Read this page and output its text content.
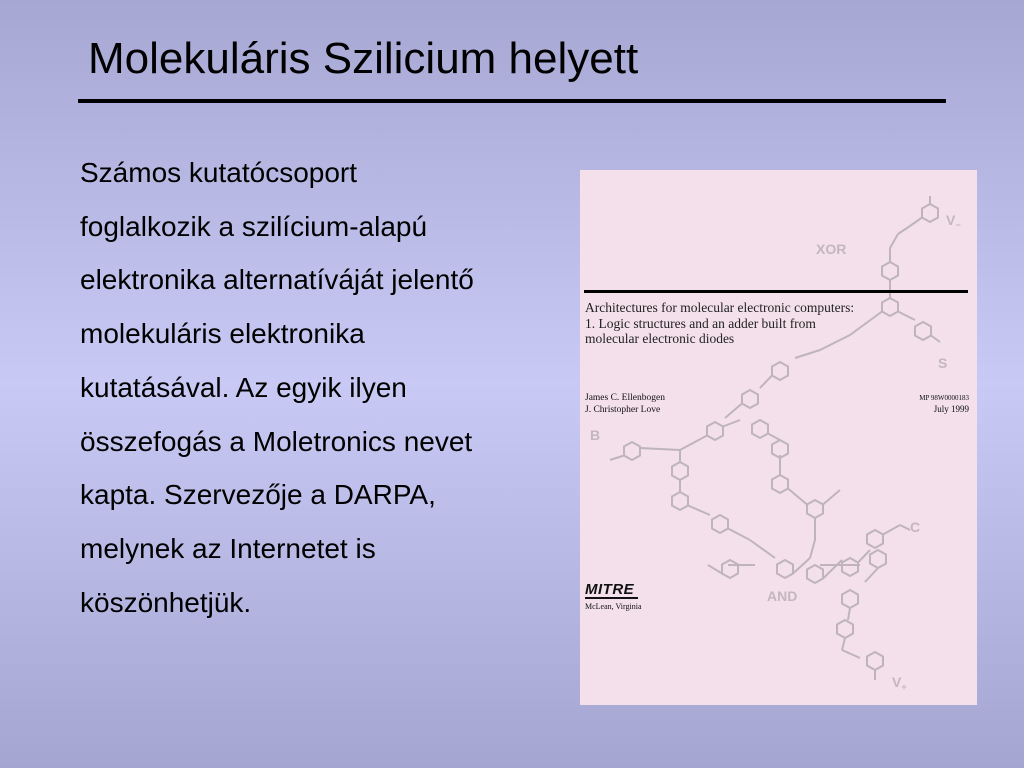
Molekuláris Szilicium helyett
Számos kutatócsoport
foglalkozik a szilícium-alapú
elektronika alternatíváját jelentő
molekuláris elektronika
kutatásával. Az egyik ilyen
összefogás a Moletronics nevet
kapta. Szervezője a DARPA,
melynek az Internetet is
köszönhetjük.
$V_-$
XOR
S
B
C
AND
$V_+$
Architectures for molecular electronic computers:
1. Logic structures and an adder built from
molecular electronic diodes
James C. Ellenbogen
J. Christopher Love
MP 98W0000183
July 1999
MITRE
McLean, Virginia
